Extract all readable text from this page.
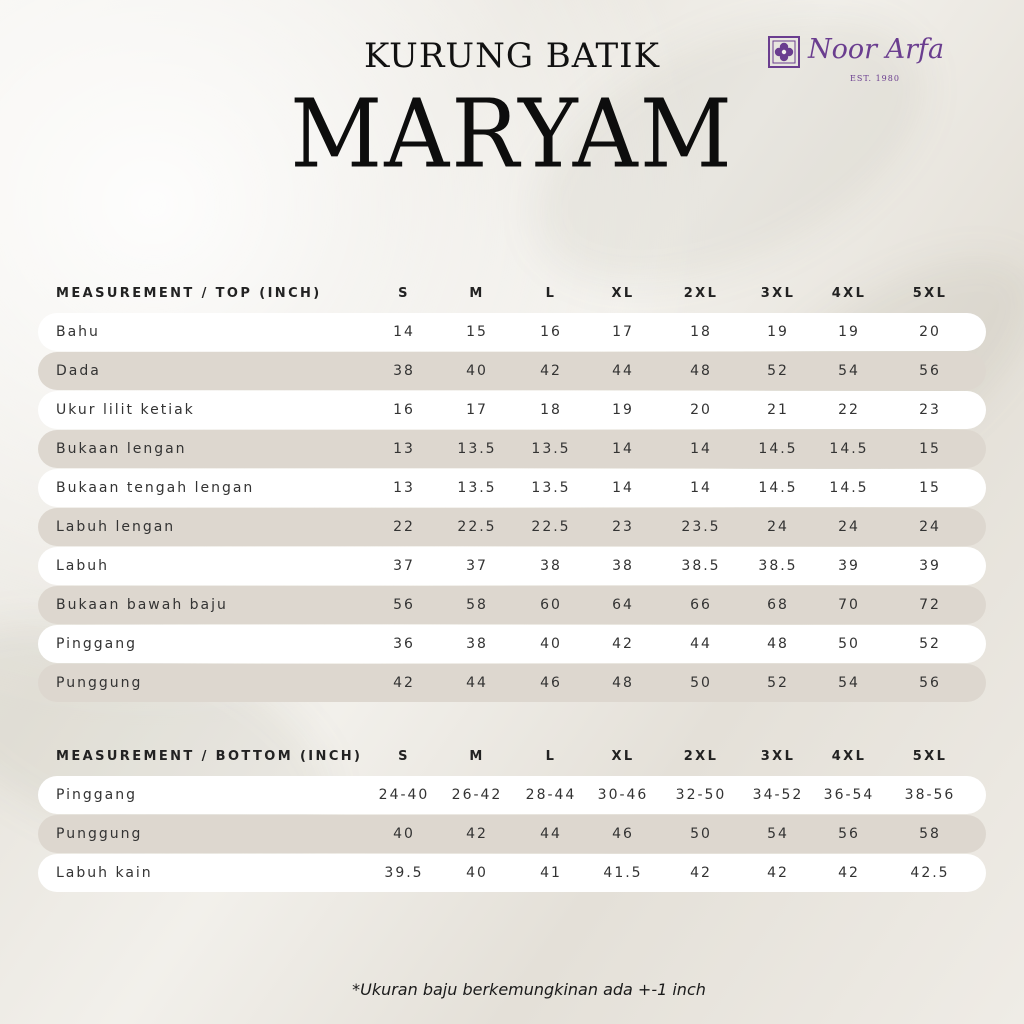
KURUNG BATIK
MARYAM
Noor Arfa
EST. 1980
MEASUREMENT / TOP (INCH)	S	M	L	XL	2XL	3XL	4XL	5XL
Bahu	14	15	16	17	18	19	19	20
Dada	38	40	42	44	48	52	54	56
Ukur lilit ketiak	16	17	18	19	20	21	22	23
Bukaan lengan	13	13.5	13.5	14	14	14.5	14.5	15
Bukaan tengah lengan	13	13.5	13.5	14	14	14.5	14.5	15
Labuh lengan	22	22.5	22.5	23	23.5	24	24	24
Labuh	37	37	38	38	38.5	38.5	39	39
Bukaan bawah baju	56	58	60	64	66	68	70	72
Pinggang	36	38	40	42	44	48	50	52
Punggung	42	44	46	48	50	52	54	56
MEASUREMENT / BOTTOM (INCH)	S	M	L	XL	2XL	3XL	4XL	5XL
Pinggang	24-40	26-42	28-44	30-46	32-50	34-52	36-54	38-56
Punggung	40	42	44	46	50	54	56	58
Labuh kain	39.5	40	41	41.5	42	42	42	42.5
*Ukuran baju berkemungkinan ada +-1 inch
